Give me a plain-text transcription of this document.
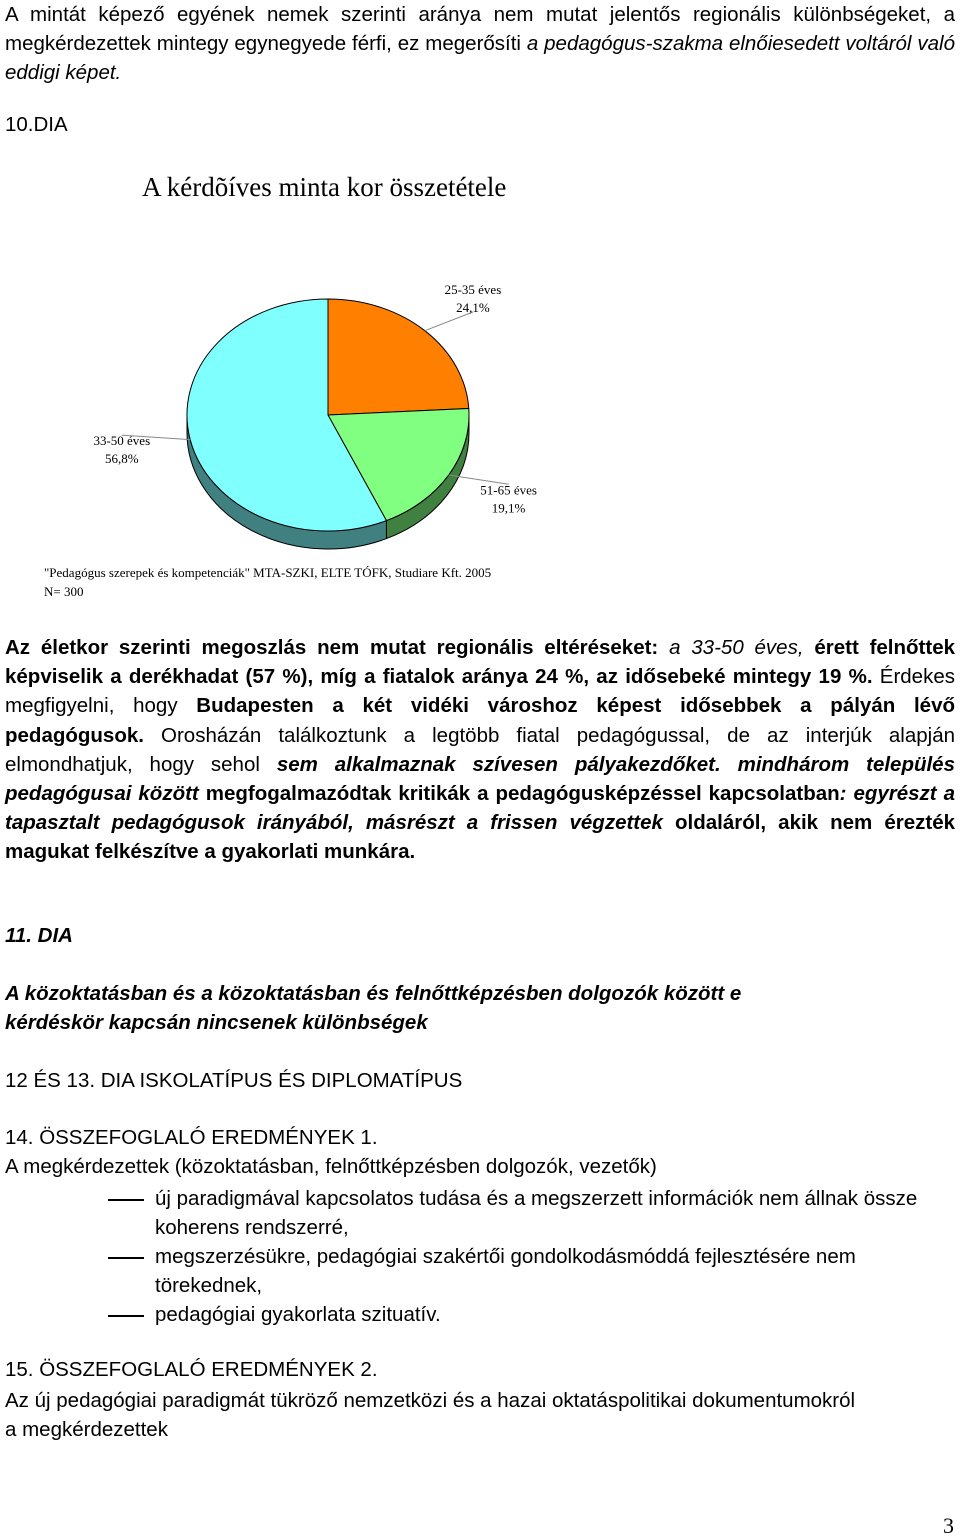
A mintát képező egyének nemek szerinti aránya nem mutat jelentős regionális különbségeket, a megkérdezettek mintegy egynegyede férfi, ez megerősíti a pedagógus-szakma elnőiesedett voltáról való eddigi képet.

10.DIA

A kérdõíves minta kor összetétele
25-35 éves
24,1%
51-65 éves
19,1%
33-50 éves
56,8%
"Pedagógus szerepek és kompetenciák" MTA-SZKI, ELTE TÓFK, Studiare Kft. 2005
N= 300

Az életkor szerinti megoszlás nem mutat regionális eltéréseket: a 33-50 éves, érett felnőttek képviselik a derékhadat (57 %), míg a fiatalok aránya 24 %, az idősebeké mintegy 19 %. Érdekes megfigyelni, hogy Budapesten a két vidéki városhoz képest idősebbek a pályán lévő pedagógusok. Orosházán találkoztunk a legtöbb fiatal pedagógussal, de az interjúk alapján elmondhatjuk, hogy sehol sem alkalmaznak szívesen pályakezdőket. mindhárom település pedagógusai között megfogalmazódtak kritikák a pedagógusképzéssel kapcsolatban: egyrészt a tapasztalt pedagógusok irányából, másrészt a frissen végzettek oldaláról, akik nem érezték magukat felkészítve a gyakorlati munkára.

11. DIA

A közoktatásban és a közoktatásban és felnőttképzésben dolgozók között e

kérdéskör kapcsán nincsenek különbségek

12 ÉS 13. DIA ISKOLATÍPUS ÉS DIPLOMATÍPUS

14. ÖSSZEFOGLALÓ EREDMÉNYEK 1.

A megkérdezettek (közoktatásban, felnőttképzésben dolgozók, vezetők)

új paradigmával kapcsolatos tudása és a megszerzett információk nem állnak össze koherens rendszerré,

megszerzésükre, pedagógiai szakértői gondolkodásmóddá fejlesztésére nem törekednek,

pedagógiai gyakorlata szituatív.

15. ÖSSZEFOGLALÓ EREDMÉNYEK 2.

Az új pedagógiai paradigmát tükröző nemzetközi és a hazai oktatáspolitikai dokumentumokról a megkérdezettek

3
